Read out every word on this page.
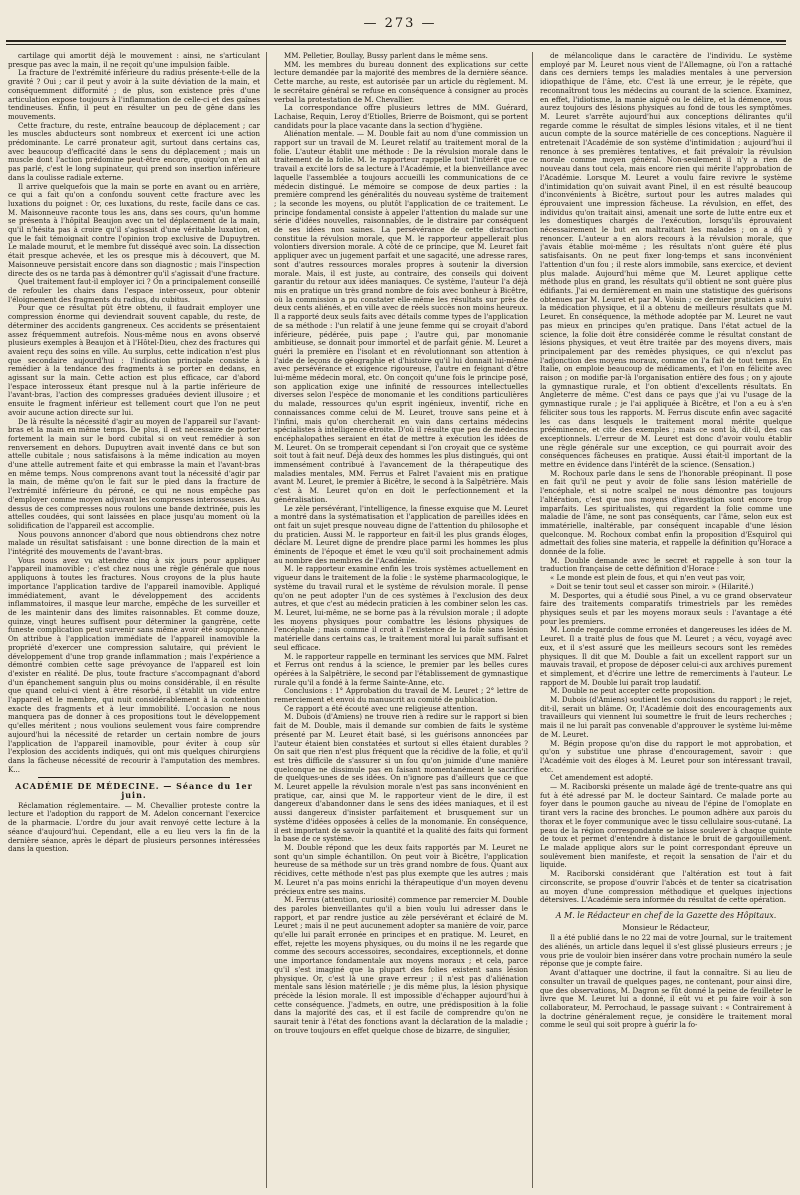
— 273 —

cartilage qui amortit déjà le mouvement : ainsi, ne s'articulant presque pas avec la main, il ne reçoit qu'une impulsion faible.

La fracture de l'extrémité inférieure du radius présente-t-elle de la gravité ? Oui ; car il peut y avoir à la suite déviation de la main, et conséquemment difformité ; de plus, son existence près d'une articulation expose toujours à l'inflammation de celle-ci et des gaînes tendineuses. Enfin, il peut en résulter un peu de gêne dans les mouvements.

Cette fracture, du reste, entraîne beaucoup de déplacement ; car les muscles abducteurs sont nombreux et exercent ici une action prédominante. Le carré pronateur agit, surtout dans certains cas, avec beaucoup d'efficacité dans le sens du déplacement ; mais un muscle dont l'action prédomine peut-être encore, quoiqu'on n'en ait pas parlé, c'est le long supinateur, qui prend son insertion inférieure dans la coulisse radiale externe.

Il arrive quelquefois que la main se porte en avant ou en arrière, ce qui a fait qu'on a confondu souvent cette fracture avec les luxations du poignet : Or, ces luxations, du reste, facile dans ce cas. M. Maisonneuve raconte tous les ans, dans ses cours, qu'un homme se présenta à l'hôpital Beaujon avec un tel déplacement de la main, qu'il n'hésita pas à croire qu'il s'agissait d'une véritable luxation, et que le fait témoignait contre l'opinion trop exclusive de Dupuytren. Le malade mourut, et le membre fut disséqué avec soin. La dissection était presque achevée, et les os presque mis à découvert, que M. Maisonneuve persistait encore dans son diagnostic ; mais l'inspection directe des os ne tarda pas à démontrer qu'il s'agissait d'une fracture.

Quel traitement faut-il employer ici ? On a principalement conseillé de refouler les chairs dans l'espace inter-osseux, pour obtenir l'éloignement des fragments du radius, du cubitus.

Pour que ce résultat pût être obtenu, il faudrait employer une compression énorme qui deviendrait souvent capable, du reste, de déterminer des accidents gangreneux. Ces accidents se présentaient assez fréquemment autrefois. Nous-même nous en avons observé plusieurs exemples à Beaujon et à l'Hôtel-Dieu, chez des fractures qui avaient reçu des soins en ville. Au surplus, cette indication n'est plus que secondaire aujourd'hui : l'indication principale consiste à remédier à la tendance des fragments à se porter en dedans, en agissant sur la main. Cette action est plus efficace, car d'abord l'espace interosseux étant presque nul à la partie inférieure de l'avant-bras, l'action des compresses graduées devient illusoire ; et ensuite le fragment inférieur est tellement court que l'on ne peut avoir aucune action directe sur lui.

De là résulte la nécessité d'agir au moyen de l'appareil sur l'avant-bras et la main en même temps. De plus, il est nécessaire de porter fortement la main sur le bord cubital si on veut remédier à son renversement en dehors. Dupuytren avait inventé dans ce but son attelle cubitale ; nous satisfaisons à la même indication au moyen d'une attelle autrement faite et qui embrasse la main et l'avant-bras en même temps. Nous comprenons avant tout la nécessité d'agir par la main, de même qu'on le fait sur le pied dans la fracture de l'extrémité inférieure du péroné, ce qui ne nous empêche pas d'employer comme moyen adjuvant les compresses interosseuses. Au dessus de ces compresses nous roulons une bande dextrinée, puis les attelles coudées, qui sont laissées en place jusqu'au moment où la solidification de l'appareil est accomplie.

Nous pouvons annoncer d'abord que nous obtiendrons chez notre malade un résultat satisfaisant : une bonne direction de la main et l'intégrité des mouvements de l'avant-bras.

Vous nous avez vu attendre cinq à six jours pour appliquer l'appareil inamovible ; c'est chez nous une règle générale que nous appliquons à toutes les fractures. Nous croyons de la plus haute importance l'application tardive de l'appareil inamovible. Appliqué immédiatement, avant le développement des accidents inflammatoires, il masque leur marche, empêche de les surveiller et de les maintenir dans des limites raisonnables. Et comme douze, quinze, vingt heures suffisent pour déterminer la gangrène, cette funeste complication peut survenir sans même avoir été soupçonnée. On attribue à l'application immédiate de l'appareil inamovible la propriété d'exercer une compression salutaire, qui prévient le développement d'une trop grande inflammation ; mais l'expérience a démontré combien cette sage prévoyance de l'appareil est loin d'exister en réalité. De plus, toute fracture s'accompagnant d'abord d'un épanchement sanguin plus ou moins considérable, il en résulte que quand celui-ci vient à être résorbé, il s'établit un vide entre l'appareil et le membre, qui nuit considérablement à la contention exacte des fragments et à leur immobilité. L'occasion ne nous manquera pas de donner à ces propositions tout le développement qu'elles méritent ; nous voulions seulement vous faire comprendre aujourd'hui la nécessité de retarder un certain nombre de jours l'application de l'appareil inamovible, pour éviter à coup sûr l'explosion des accidents indiqués, qui ont mis quelques chirurgiens dans la fâcheuse nécessité de recourir à l'amputation des membres. K...

ACADÉMIE DE MÉDECINE. — Séance du 1er juin.

Réclamation réglementaire. — M. Chevallier proteste contre la lecture et l'adoption du rapport de M. Adelon concernant l'exercice de la pharmacie. L'ordre du jour avait renvoyé cette lecture à la séance d'aujourd'hui. Cependant, elle a eu lieu vers la fin de la dernière séance, après le départ de plusieurs personnes intéressées dans la question.

MM. Pelletier, Boullay, Bussy parlent dans le même sens.

MM. les membres du bureau donnent des explications sur cette lecture demandée par la majorité des membres de la dernière séance. Cette marche, au reste, est autorisée par un article du règlement. M. le secrétaire général se refuse en conséquence à consigner au procès verbal la protestation de M. Chevallier.

La correspondance offre plusieurs lettres de MM. Guérard, Lachaise, Requin, Leroy d'Etiolles, Brierre de Boismont, qui se portent candidats pour la place vacante dans la section d'hygiène.

Aliénation mentale. — M. Double fait au nom d'une commission un rapport sur un travail de M. Leuret relatif au traitement moral de la folie. L'auteur établit une méthode : De la révulsion morale dans le traitement de la folie. M. le rapporteur rappelle tout l'intérêt que ce travail a excité lors de sa lecture à l'Académie, et la bienveillance avec laquelle l'assemblée a toujours accueilli les communications de ce médecin distingué. Le mémoire se compose de deux parties : la première comprend les généralités du nouveau système de traitement ; la seconde les moyens, ou plutôt l'application de ce traitement. Le principe fondamental consiste à appeler l'attention du malade sur une série d'idées nouvelles, raisonnables, de le distraire par conséquent de ses idées non saines. La persévérance de cette distraction constitue la révulsion morale, que M. le rapporteur appellerait plus volontiers diversion morale. A côté de ce principe, que M. Leuret fait appliquer avec un jugement parfait et une sagacité, une adresse rares, sont d'autres ressources morales propres à soutenir la diversion morale. Mais, il est juste, au contraire, des conseils qui doivent garantir du retour aux idées maniaques. Ce système, l'auteur l'a déjà mis en pratique un très grand nombre de fois avec bonheur à Bicêtre, où la commission a pu constater elle-même les résultats sur près de deux cents aliénés, et en ville avec de réels succès non moins heureux. Il a rapporté deux seuls faits avec détails comme types de l'application de sa méthode : l'un relatif à une jeune femme qui se croyait d'abord inférieure, pédérée, puis pape ; l'autre qui, par monomanie ambitieuse, se donnait pour immortel et de parfait génie. M. Leuret a guéri la première en l'isolant et en révolutionnant son attention à l'aide de leçons de géographie et d'histoire qu'il lui donnait lui-même avec persévérance et exigence rigoureuse, l'autre en feignant d'être lui-même médecin moral, etc. On conçoit qu'une fois le principe posé, son application exige une infinité de ressources intellectuelles diverses selon l'espèce de monomanie et les conditions particulières du malade, ressources qu'un esprit ingénieux, inventif, riche en connaissances comme celui de M. Leuret, trouve sans peine et à l'infini, mais qu'on chercherait en vain dans certains médecins spécialistes à intelligence étroite. D'où il résulte que peu de médecins encéphalopathes seraient en état de mettre à exécution les idées de M. Leuret. On se tromperait cependant si l'on croyait que ce système soit tout à fait neuf. Déjà deux des hommes les plus distingués, qui ont immensément contribué à l'avancement de la thérapeutique des maladies mentales, MM. Ferrus et Falret l'avaient mis en pratique avant M. Leuret, le premier à Bicêtre, le second à la Salpêtrière. Mais c'est à M. Leuret qu'on en doit le perfectionnement et la généralisation.

Le zèle persévérant, l'intelligence, la finesse exquise que M. Leuret a montré dans la systématisation et l'application de pareilles idées en ont fait un sujet presque nouveau digne de l'attention du philosophe et du praticien. Aussi M. le rapporteur en fait-il les plus grands éloges, déclare M. Leuret digne de prendre place parmi les hommes les plus éminents de l'époque et émet le vœu qu'il soit prochainement admis au nombre des membres de l'Académie.

M. le rapporteur examine enfin les trois systèmes actuellement en vigueur dans le traitement de la folie : le système pharmacologique, le système du travail rural et le système de révulsion morale. Il pense qu'on ne peut adopter l'un de ces systèmes à l'exclusion des deux autres, et que c'est au médecin praticien à les combiner selon les cas. M. Leuret, lui-même, ne se borne pas à la révulsion morale ; il adopte les moyens physiques pour combattre les lésions physiques de l'encéphale ; mais comme il croit à l'existence de la folie sans lésion matérielle dans certains cas, le traitement moral lui paraît suffisant et seul efficace.

M. le rapporteur rappelle en terminant les services que MM. Falret et Ferrus ont rendus à la science, le premier par les belles cures opérées à la Salpêtrière, le second par l'établissement de gymnastique rurale qu'il a fondé à la ferme Sainte-Anne, etc.

Conclusions : 1° Approbation du travail de M. Leuret ; 2° lettre de remerciement et envoi du manuscrit au comité de publication.

Ce rapport a été écouté avec une religieuse attention.

M. Dubois (d'Amiens) ne trouve rien à redire sur le rapport si bien fait de M. Double, mais il demande sur combien de faits le système présenté par M. Leuret était basé, si les guérisons annoncées par l'auteur étaient bien constatées et surtout si elles étaient durables ? On sait que rien n'est plus fréquent que la récidive de la folie, et qu'il est très difficile de s'assurer si un fou qu'on juimide d'une manière quelconque ne dissimule pas en faisant momentanément le sacrifice de quelques-unes de ses idées. On n'ignore pas d'ailleurs que ce que M. Leuret appelle la révulsion morale n'est pas sans inconvénient en pratique, car, ainsi que M. le rapporteur vient de le dire, il est dangereux d'abandonner dans le sens des idées maniaques, et il est aussi dangereux d'insister parfaitement et brusquement sur un système d'idées opposées à celles de la monomanie. En conséquence, il est important de savoir la quantité et la qualité des faits qui forment la base de ce système.

M. Double répond que les deux faits rapportés par M. Leuret ne sont qu'un simple échantillon. On peut voir à Bicêtre, l'application heureuse de sa méthode sur un très grand nombre de fous. Quant aux récidives, cette méthode n'est pas plus exempte que les autres ; mais M. Leuret n'a pas moins enrichi la thérapeutique d'un moyen devenu précieux entre ses mains.

M. Ferrus (attention, curiosité) commence par remercier M. Double des paroles bienveillantes qu'il a bien voulu lui adresser dans le rapport, et par rendre justice au zèle persévérant et éclairé de M. Leuret ; mais il ne peut aucunement adopter sa manière de voir, parce qu'elle lui paraît erronée en principes et en pratique. M. Leuret, en effet, rejette les moyens physiques, ou du moins il ne les regarde que comme des secours accessoires, secondaires, exceptionnels, et donne une importance fondamentale aux moyens moraux ; et cela, parce qu'il s'est imaginé que la plupart des folies existent sans lésion physique. Or, c'est là une grave erreur ; il n'est pas d'aliénation mentale sans lésion matérielle ; je dis même plus, la lésion physique précède la lésion morale. Il est impossible d'échapper aujourd'hui à cette conséquence. J'admets, en outre, une prédisposition à la folie dans la majorité des cas, et il est facile de comprendre qu'on ne saurait tenir à l'état des fonctions avant la déclaration de la maladie ; on trouve toujours en effet quelque chose de bizarre, de singulier,

de mélancolique dans le caractère de l'individu. Le système employé par M. Leuret nous vient de l'Allemagne, où l'on a rattaché dans ces derniers temps les maladies mentales à une perversion idiopathique de l'âme, etc. C'est là une erreur, je le répète, que reconnaîtront tous les médecins au courant de la science. Examinez, en effet, l'idiotisme, la manie aiguë ou le délire, et la démence, vous aurez toujours des lésions physiques au fond de tous les symptômes. M. Leuret s'arrête aujourd'hui aux conceptions délirantes qu'il regarde comme le résultat de simples lésions vitales, et il ne tient aucun compte de la source matérielle de ces conceptions. Naguère il entretenait l'Académie de son système d'intimidation ; aujourd'hui il renonce à ses premières tentatives, et fait prévaloir la révulsion morale comme moyen général. Non-seulement il n'y a rien de nouveau dans tout cela, mais encore rien qui mérite l'approbation de l'Académie. Lorsque M. Leuret a voulu faire revivre le système d'intimidation qu'on suivait avant Pinel, il en est résulté beaucoup d'inconvénients à Bicêtre, surtout pour les autres malades qui éprouvaient une impression fâcheuse. La révulsion, en effet, des individus qu'on traitait ainsi, amenait une sorte de lutte entre eux et les domestiques chargés de l'exécution, lorsqu'ils éprouvaient nécessairement le but en maltraitant les malades ; on a dû y renoncer. L'auteur a en alors recours à la révulsion morale, que j'avais établie moi-même ; les résultats n'ont guère été plus satisfaisants. On ne peut fixer long-temps et sans inconvénient l'attention d'un fou ; il reste alors immobile, sans exercice, et devient plus malade. Aujourd'hui même que M. Leuret applique cette méthode plus en grand, les résultats qu'il obtient ne sont guère plus édifiants. J'ai eu dernièrement en main une statistique des guérisons obtenues par M. Leuret et par M. Voisin ; ce dernier praticien a suivi la médication physique, et il a obtenu de meilleurs résultats que M. Leuret. En conséquence, la méthode adoptée par M. Leuret ne vaut pas mieux en principes qu'en pratique. Dans l'état actuel de la science, la folie doit être considérée comme le résultat constant de lésions physiques, et veut être traitée par des moyens divers, mais principalement par des remèdes physiques, ce qui n'exclut pas l'adjonction des moyens moraux, comme on l'a fait de tout temps. En Italie, on emploie beaucoup de médicaments, et l'on en félicite avec raison ; on modifie par-là l'organisation entière des fous ; on y ajoute la gymnastique rurale, et l'on obtient d'excellents résultats. En Angleterre de même. C'est dans ce pays que j'ai vu l'usage de la gymnastique rurale ; je l'ai appliquée à Bicêtre, et l'on a eu à s'en féliciter sous tous les rapports. M. Ferrus discute enfin avec sagacité les cas dans lesquels le traitement moral mérite quelque prééminence, et cite des exemples ; mais ce sont là, dit-il, des cas exceptionnels. L'erreur de M. Leuret est donc d'avoir voulu établir une règle générale sur une exception, ce qui pourrait avoir des conséquences fâcheuses en pratique. Aussi était-il important de la mettre en évidence dans l'intérêt de la science. (Sensation.)

M. Rochoux parle dans le sens de l'honorable préopinant. Il pose en fait qu'il ne peut y avoir de folie sans lésion matérielle de l'encéphale, et si notre scalpel ne nous démontre pas toujours l'altération, c'est que nos moyens d'investigation sont encore trop imparfaits. Les spiritualistes, qui regardent la folie comme une maladie de l'âme, ne sont pas conséquents, car l'âme, selon eux est immatérielle, inaltérable, par conséquent incapable d'une lésion quelconque. M. Rochoux combat enfin la proposition d'Esquirol qui admettait des folies sine materia, et rappelle la définition qu'Horace a donnée de la folie.

M. Double demande avec le secret et rappelle à son tour la traduction française de cette définition d'Horace :

« Le monde est plein de fous, et qui n'en veut pas voir,

» Doit se tenir tout seul et casser son miroir. » (Hilarité.)

M. Desportes, qui a étudié sous Pinel, a vu ce grand observateur faire des traitements comparatifs trimestriels par les remèdes physiques seuls et par les moyens moraux seuls : l'avantage a été pour les premiers.

M. Londe regarde comme erronées et dangereuses les idées de M. Leuret. Il a traité plus de fous que M. Leuret ; a vécu, voyagé avec eux, et il s'est assuré que les meilleurs secours sont les remèdes physiques. Il dit que M. Double a fait un excellent rapport sur un mauvais travail, et propose de déposer celui-ci aux archives purement et simplement, et d'écrire une lettre de remerciments à l'auteur. Le rapport de M. Double lui paraît trop laudatif.

M. Double ne peut accepter cette proposition.

M. Dubois (d'Amiens) soutient les conclusions du rapport ; le rejet, dit-il, serait un blâme. Or, l'Académie doit des encouragements aux travailleurs qui viennent lui soumettre le fruit de leurs recherches ; mais il ne lui paraît pas convenable d'approuver le système lui-même de M. Leuret.

M. Bégin propose qu'on dise du rapport le mot approbation, et qu'on y substitue une phrase d'encouragement, savoir : que l'Académie voit des éloges à M. Leuret pour son intéressant travail, etc.

Cet amendement est adopté.

— M. Raciborski présente un malade âgé de trente-quatre ans qui fut à été adressé par M. le docteur Saintard. Ce malade porte au foyer dans le poumon gauche au niveau de l'épine de l'omoplate en tirant vers la racine des bronches. Le poumon adhère aux parois du thorax et le foyer communique avec le tissu cellulaire sous-cutané. La peau de la région correspondante se laisse soulever à chaque quinte de toux et permet d'entendre à distance le bruit de gargouillement. Le malade applique alors sur le point correspondant épreuve un soulèvement bien manifeste, et reçoit la sensation de l'air et du liquide.

M. Raciborski considérant que l'altération est tout à fait circonscrite, se propose d'ouvrir l'abcès et de tenter sa cicatrisation au moyen d'une compression méthodique et quelques injections détersives. L'Académie sera informée du résultat de cette opération.

A M. le Rédacteur en chef de la Gazette des Hôpitaux.
Monsieur le Rédacteur,

Il a été publié dans le no 22 mai de votre Journal, sur le traitement des aliénés, un article dans lequel il s'est glissé plusieurs erreurs ; je vous prie de vouloir bien insérer dans votre prochain numéro la seule réponse que je compte faire.

Avant d'attaquer une doctrine, il faut la connaître. Si au lieu de consulter un travail de quelques pages, ne contenant, pour ainsi dire, que des observations, M. Dagron se fût donné la peine de feuilleter le livre que M. Leuret lui a donné, il eût vu et pu faire voir à son collaborateur, M. Perrochaud, le passage suivant : « Contrairement à la doctrine généralement reçue, je considère le traitement moral comme le seul qui soit propre à guérir la fo-
